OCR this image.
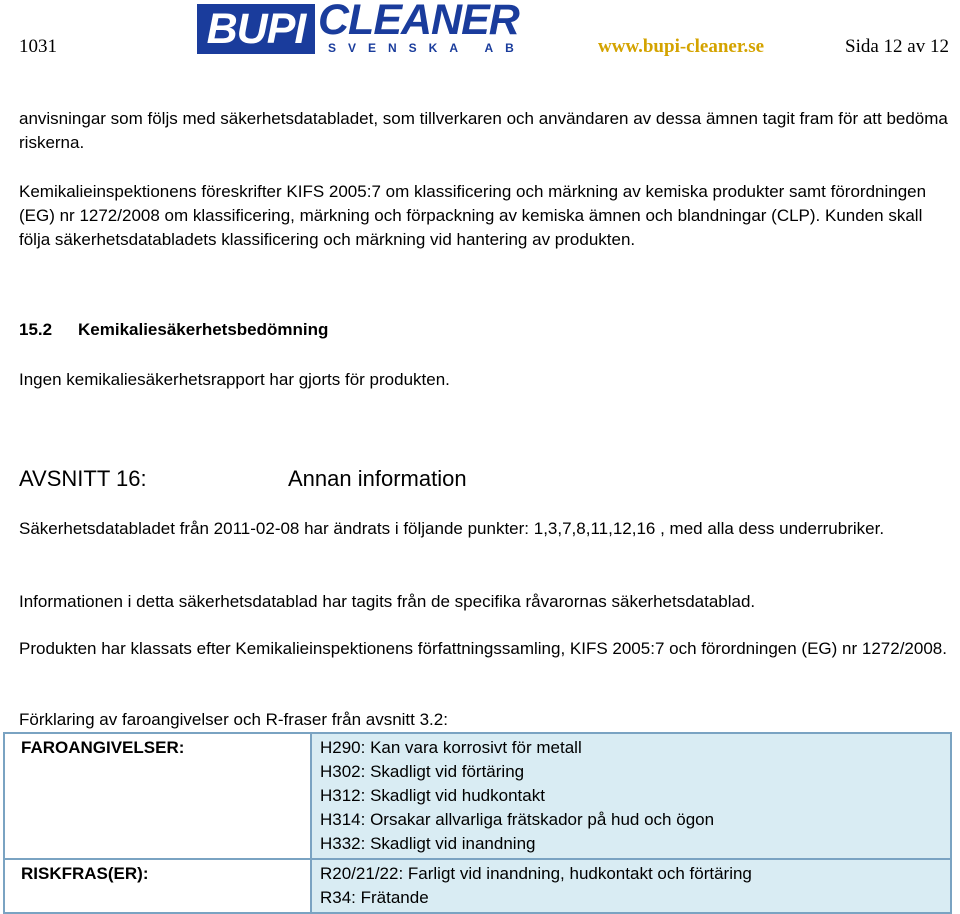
1031	BUPI CLEANER
SVENSKA AB	www.bupi-cleaner.se	Sida 12 av 12
anvisningar som följs med säkerhetsdatabladet, som tillverkaren och användaren av dessa ämnen tagit fram för att bedöma riskerna.
Kemikalieinspektionens föreskrifter KIFS 2005:7 om klassificering och märkning av kemiska produkter samt förordningen (EG) nr 1272/2008 om klassificering, märkning och förpackning av kemiska ämnen och blandningar (CLP). Kunden skall följa säkerhetsdatabladets klassificering och märkning vid hantering av produkten.
15.2 Kemikaliesäkerhetsbedömning
Ingen kemikaliesäkerhetsrapport har gjorts för produkten.
AVSNITT 16:	Annan information
Säkerhetsdatabladet från 2011-02-08 har ändrats i följande punkter: 1,3,7,8,11,12,16 , med alla dess underrubriker.
Informationen i detta säkerhetsdatablad har tagits från de specifika råvarornas säkerhetsdatablad.
Produkten har klassats efter Kemikalieinspektionens författningssamling, KIFS 2005:7 och förordningen (EG) nr 1272/2008.
Förklaring av faroangivelser och R-fraser från avsnitt 3.2:
FAROANGIVELSER:	H290: Kan vara korrosivt för metall
H302: Skadligt vid förtäring
H312: Skadligt vid hudkontakt
H314: Orsakar allvarliga frätskador på hud och ögon
H332: Skadligt vid inandning

RISKFRAS(ER):	R20/21/22: Farligt vid inandning, hudkontakt och förtäring
R34: Frätande
